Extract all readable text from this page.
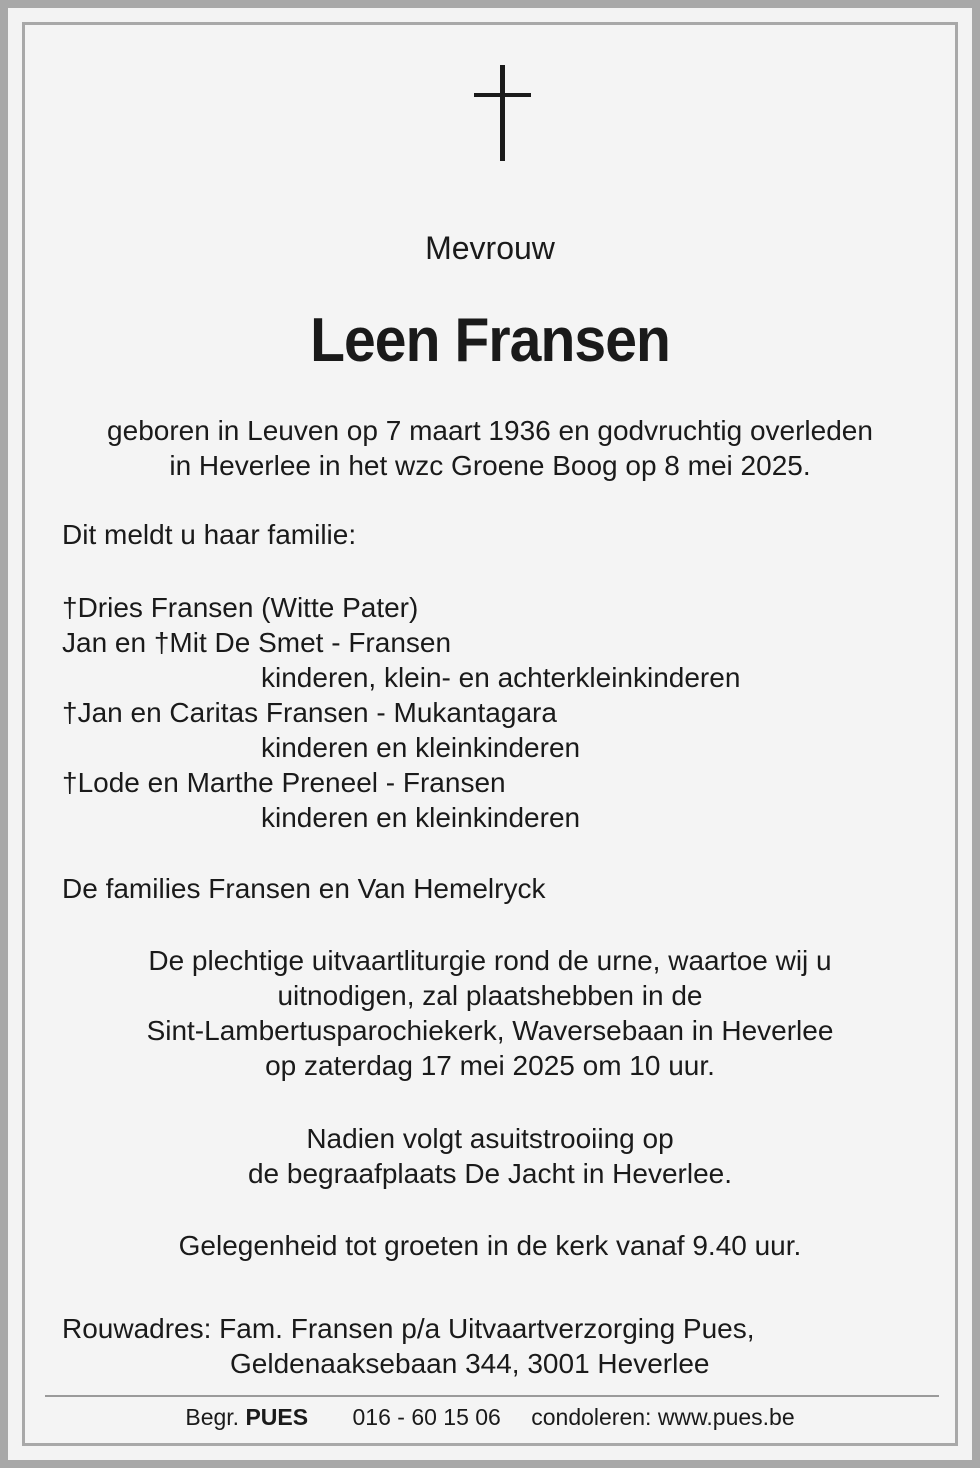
Mevrouw
Leen Fransen
geboren in Leuven op 7 maart 1936 en godvruchtig overleden
in Heverlee in het wzc Groene Boog op 8 mei 2025.
Dit meldt u haar familie:
†Dries Fransen (Witte Pater)
Jan en †Mit De Smet - Fransen
kinderen, klein- en achterkleinkinderen
†Jan en Caritas Fransen - Mukantagara
kinderen en kleinkinderen
†Lode en Marthe Preneel - Fransen
kinderen en kleinkinderen
De families Fransen en Van Hemelryck
De plechtige uitvaartliturgie rond de urne, waartoe wij u
uitnodigen, zal plaatshebben in de
Sint-Lambertusparochiekerk, Waversebaan in Heverlee
op zaterdag 17 mei 2025 om 10 uur.
Nadien volgt asuitstrooiing op
de begraafplaats De Jacht in Heverlee.
Gelegenheid tot groeten in de kerk vanaf 9.40 uur.
Rouwadres: Fam. Fransen p/a Uitvaartverzorging Pues,
Geldenaaksebaan 344, 3001 Heverlee
Begr. PUES 016 - 60 15 06 condoleren: www.pues.be
